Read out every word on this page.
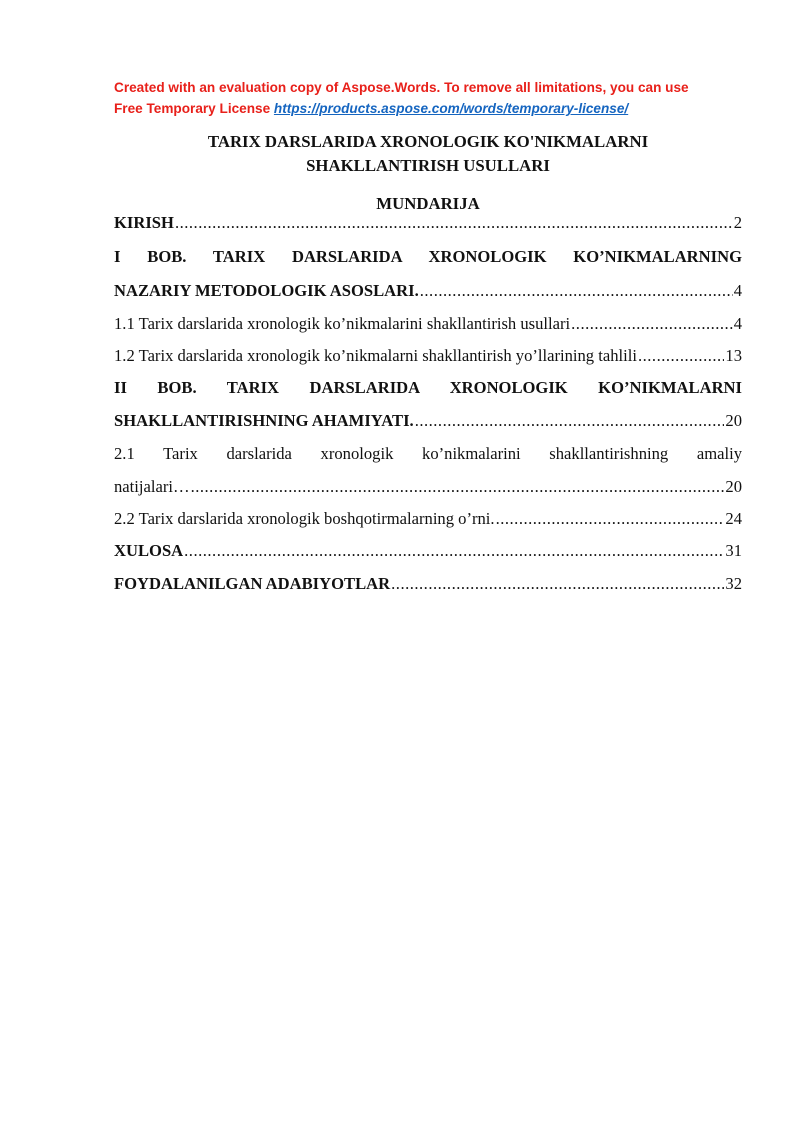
Created with an evaluation copy of Aspose.Words. To remove all limitations, you can use
Free Temporary License https://products.aspose.com/words/temporary-license/
TARIX DARSLARIDA XRONOLOGIK KO'NIKMALARNI
SHAKLLANTIRISH USULLARI
MUNDARIJA
KIRISH .....	2
I BOB. TARIX DARSLARIDA XRONOLOGIK KO’NIKMALARNING
NAZARIY METODOLOGIK ASOSLARI. .....	4
1.1 Tarix darslarida xronologik ko’nikmalarini shakllantirish usullari .....	4
1.2 Tarix darslarida xronologik ko’nikmalarni shakllantirish yo’llarining tahlili .....	13
II BOB. TARIX DARSLARIDA XRONOLOGIK KO’NIKMALARNI
SHAKLLANTIRISHNING AHAMIYATI. .....	20
2.1 Tarix darslarida xronologik ko’nikmalarini shakllantirishning amaliy
natijalari… .....	20
2.2 Tarix darslarida xronologik boshqotirmalarning o’rni. .....	24
XULOSA .....	31
FOYDALANILGAN ADABIYOTLAR .....	32
